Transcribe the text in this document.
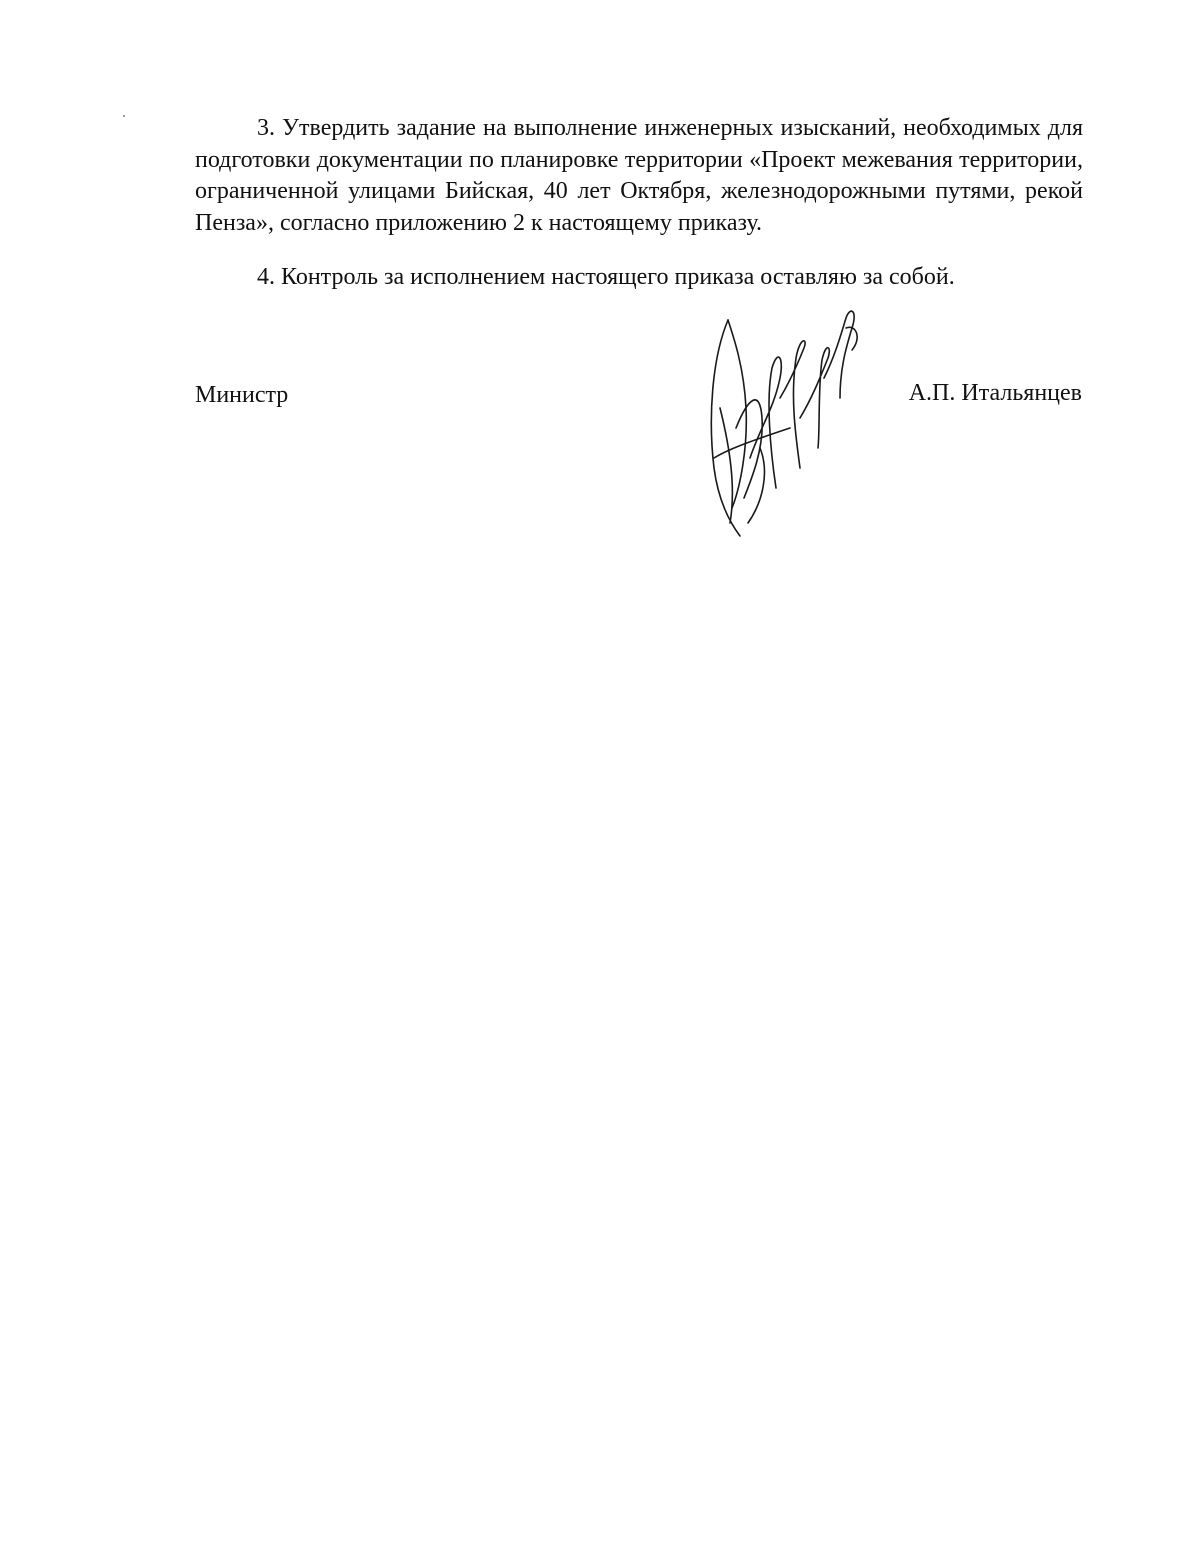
3. Утвердить задание на выполнение инженерных изысканий, необходимых для подготовки документации по планировке территории «Проект межевания территории, ограниченной улицами Бийская, 40 лет Октября, железнодорожными путями, рекой Пенза», согласно приложению 2 к настоящему приказу.

4. Контроль за исполнением настоящего приказа оставляю за собой.

Министр	А.П. Итальянцев
